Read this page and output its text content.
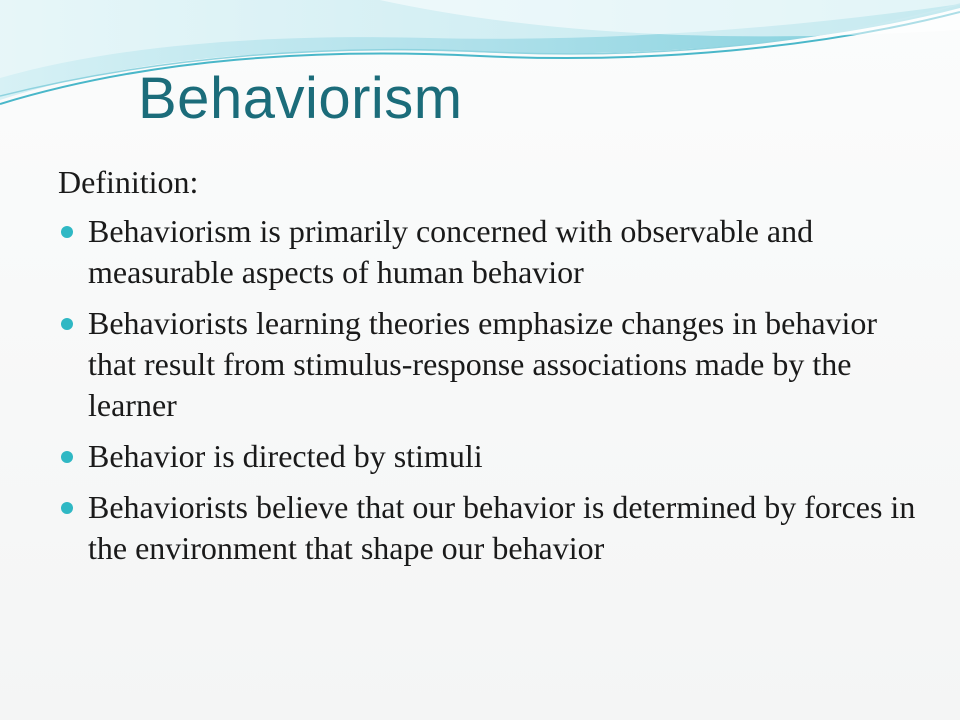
Behaviorism

Definition:

Behaviorism is primarily concerned with observable and measurable aspects of human behavior
Behaviorists learning theories emphasize changes in behavior that result from stimulus-response associations made by the learner
Behavior is directed by stimuli
Behaviorists believe that our behavior is determined by forces in the environment that shape our behavior
